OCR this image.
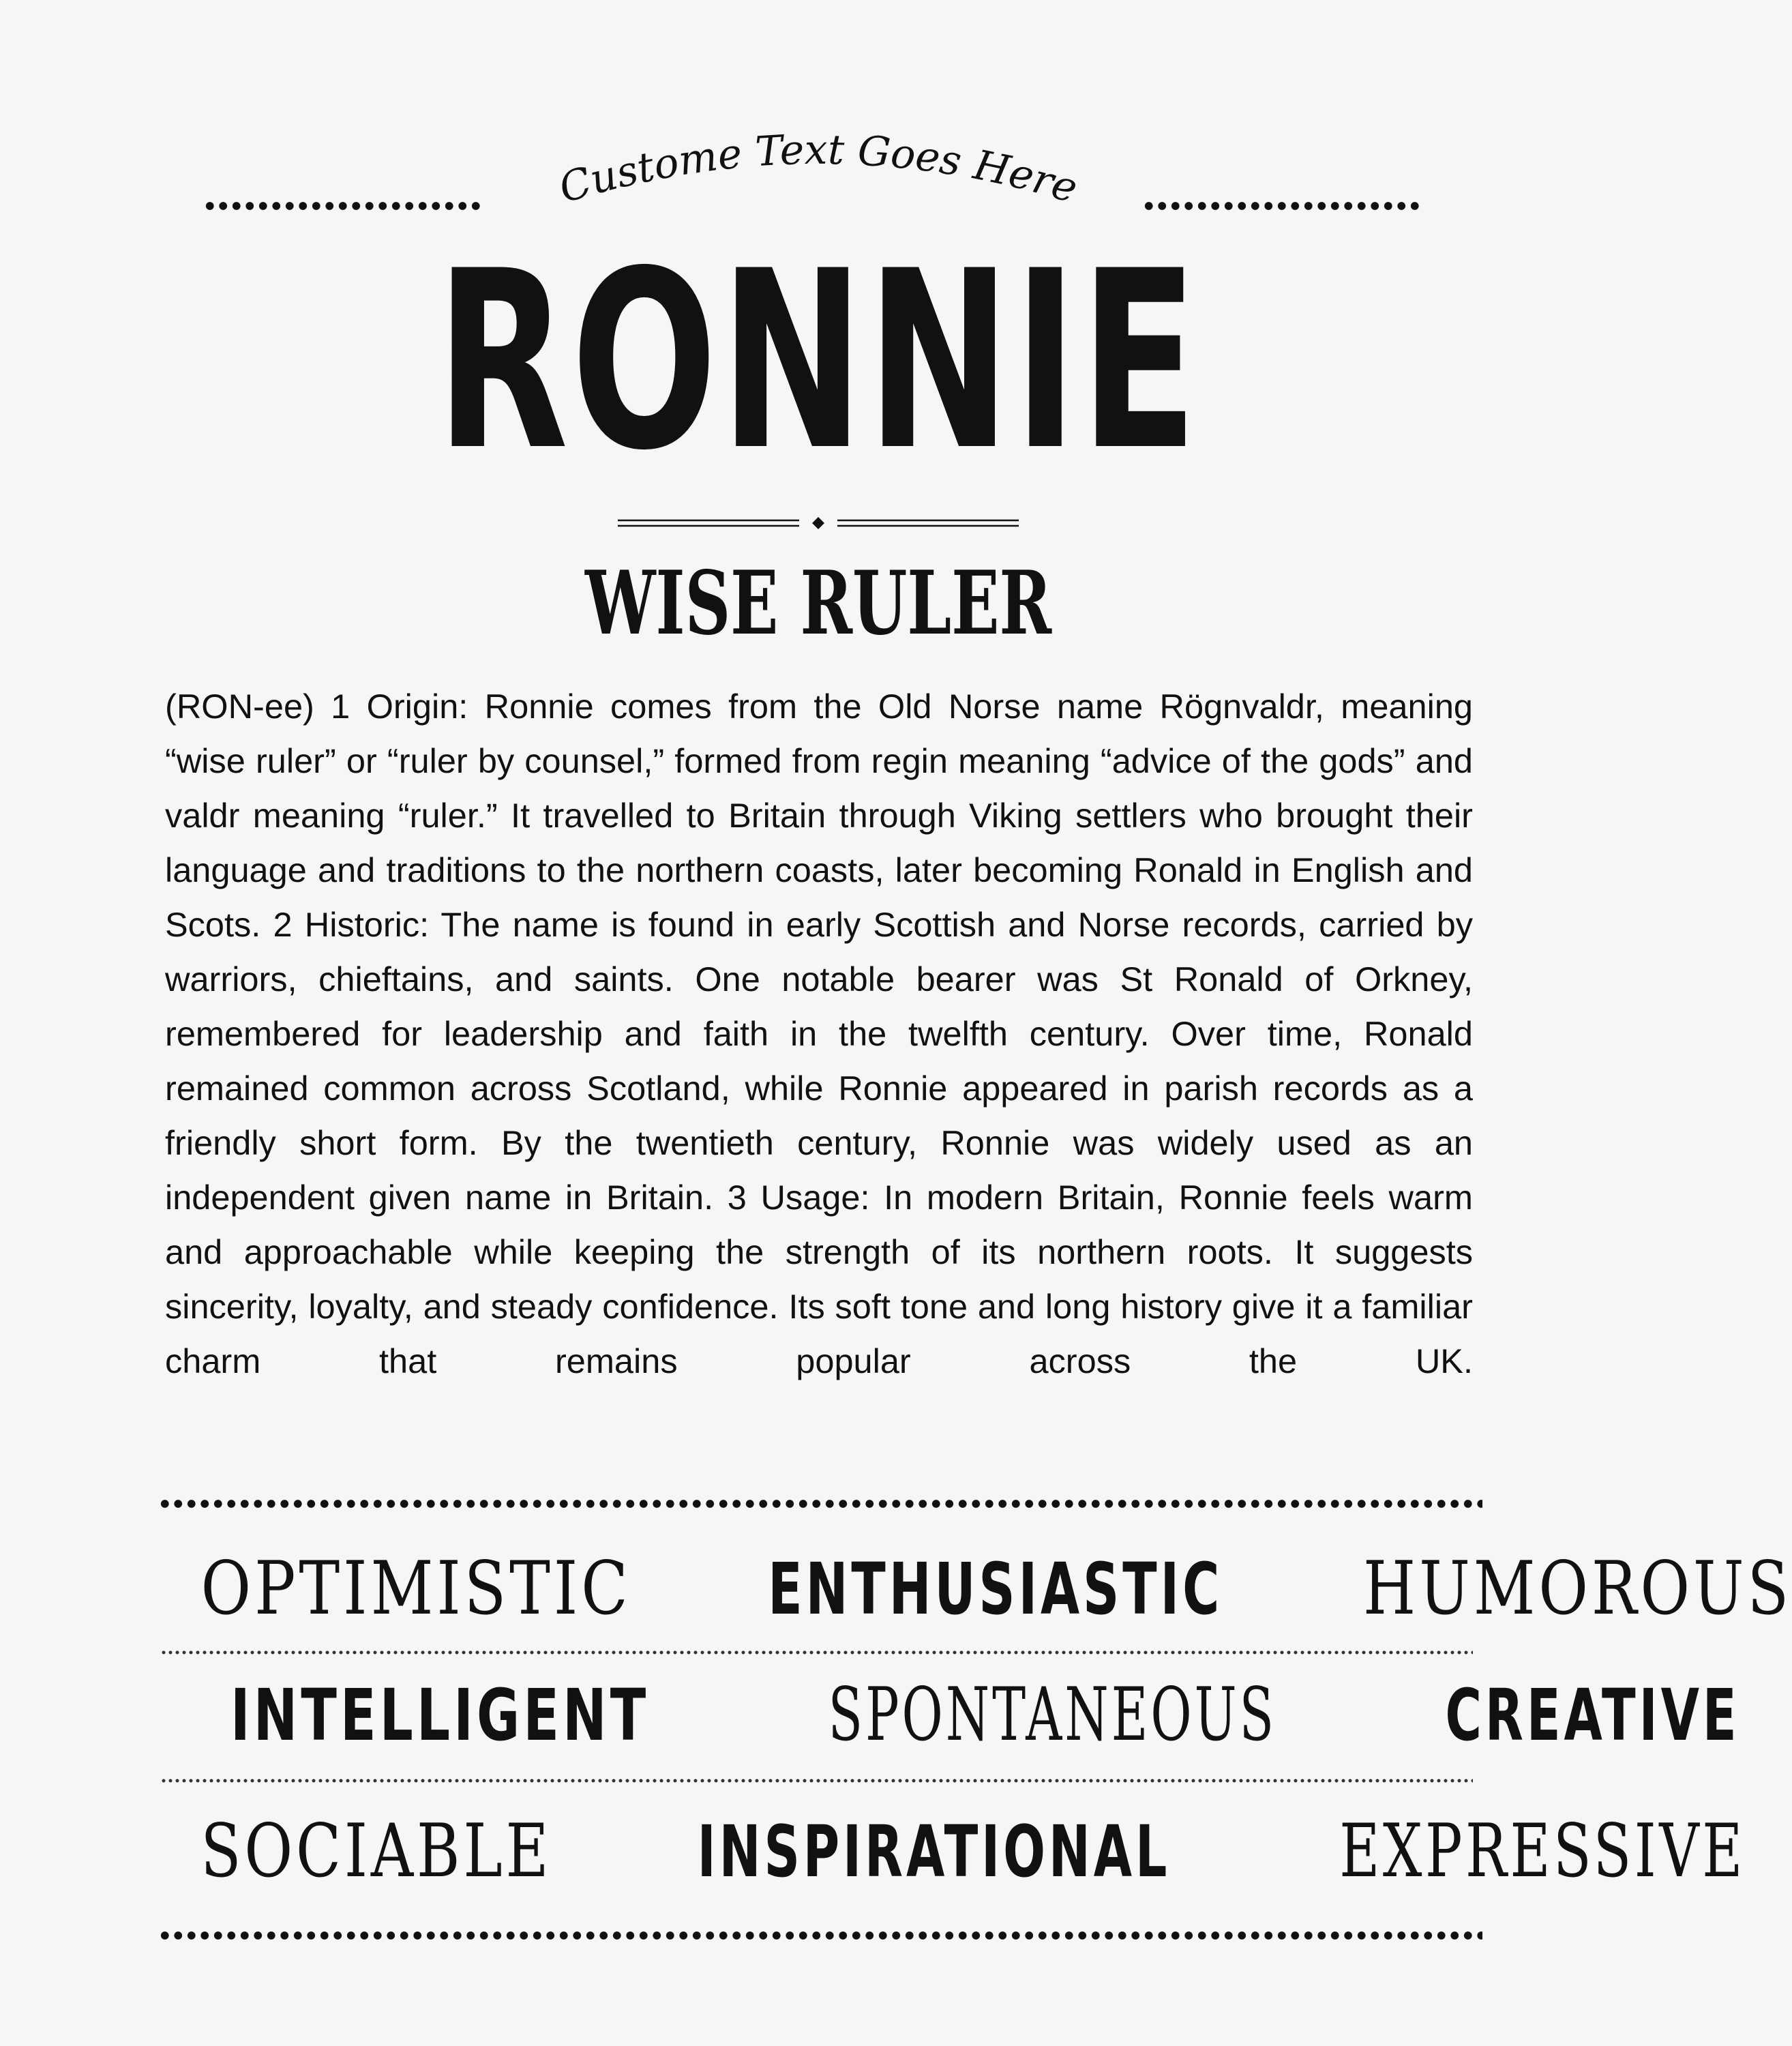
Custome Text Goes Here
RONNIE
WISE RULER
(RON-ee) 1 Origin: Ronnie comes from the Old Norse name Rögnvaldr, meaning “wise ruler” or “ruler by counsel,” formed from regin meaning “advice of the gods” and valdr meaning “ruler.” It travelled to Britain through Viking settlers who brought their language and traditions to the northern coasts, later becoming Ronald in English and Scots. 2 Historic: The name is found in early Scottish and Norse records, carried by warriors, chieftains, and saints. One notable bearer was St Ronald of Orkney, remembered for leadership and faith in the twelfth century. Over time, Ronald remained common across Scotland, while Ronnie appeared in parish records as a friendly short form. By the twentieth century, Ronnie was widely used as an independent given name in Britain. 3 Usage: In modern Britain, Ronnie feels warm and approachable while keeping the strength of its northern roots. It suggests sincerity, loyalty, and steady confidence. Its soft tone and long history give it a familiar charm that remains popular across the UK.
OPTIMISTIC ENTHUSIASTIC HUMOROUS
INTELLIGENT SPONTANEOUS CREATIVE
SOCIABLE INSPIRATIONAL EXPRESSIVE
